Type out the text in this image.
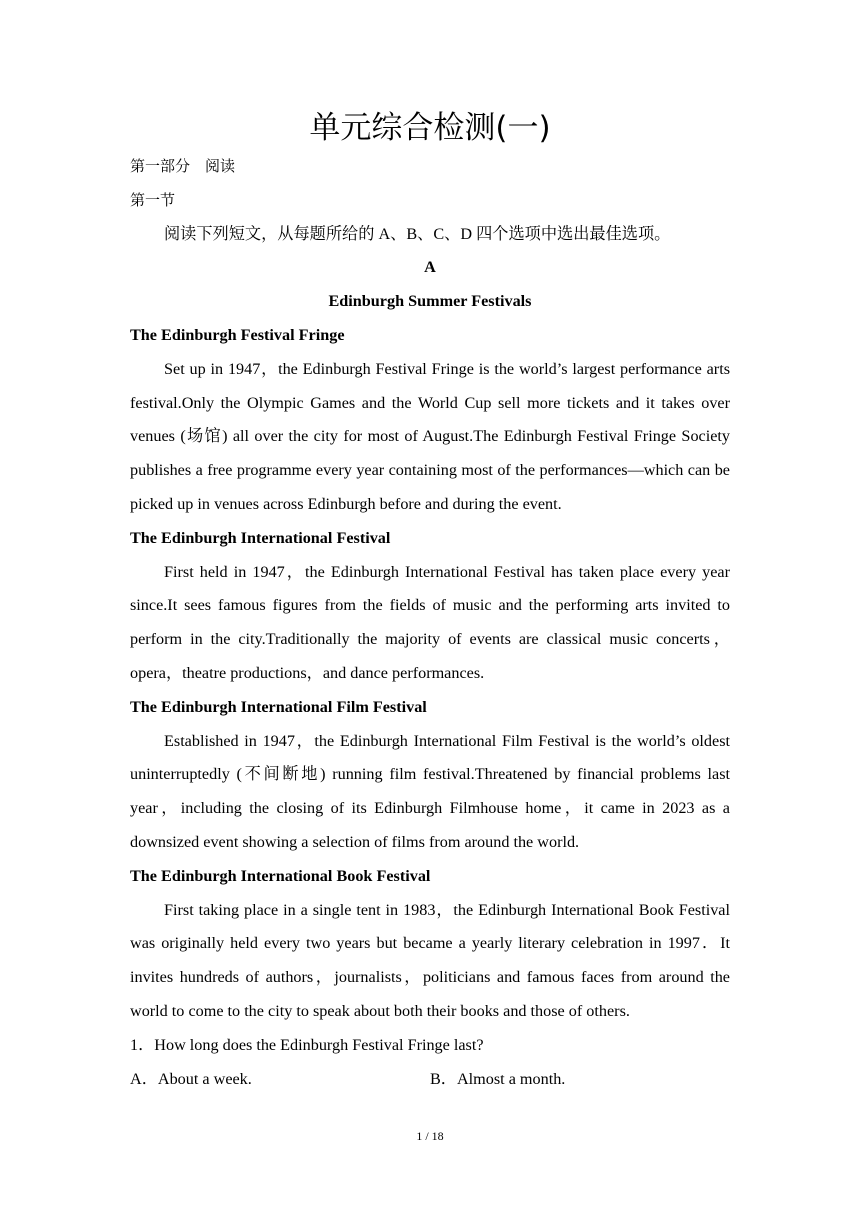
单元综合检测(一)

第一部分　阅读

第一节

阅读下列短文，从每题所给的 A、B、C、D 四个选项中选出最佳选项。

A

Edinburgh Summer Festivals

The Edinburgh Festival Fringe

Set up in 1947，the Edinburgh Festival Fringe is the world’s largest performance arts festival.Only the Olympic Games and the World Cup sell more tickets and it takes over venues (场馆) all over the city for most of August.The Edinburgh Festival Fringe Society publishes a free programme every year containing most of the performances—which can be picked up in venues across Edinburgh before and during the event.

The Edinburgh International Festival

First held in 1947，the Edinburgh International Festival has taken place every year since.It sees famous figures from the fields of music and the performing arts invited to perform in the city.Traditionally the majority of events are classical music concerts，opera，theatre productions，and dance performances.

The Edinburgh International Film Festival

Established in 1947，the Edinburgh International Film Festival is the world’s oldest uninterruptedly (不间断地) running film festival.Threatened by financial problems last year，including the closing of its Edinburgh Filmhouse home，it came in 2023 as a downsized event showing a selection of films from around the world.

The Edinburgh International Book Festival

First taking place in a single tent in 1983，the Edinburgh International Book Festival was originally held every two years but became a yearly literary celebration in 1997．It invites hundreds of authors，journalists，politicians and famous faces from around the world to come to the city to speak about both their books and those of others.

1．How long does the Edinburgh Festival Fringe last?

A．About a week.	B．Almost a month.
1 / 18
